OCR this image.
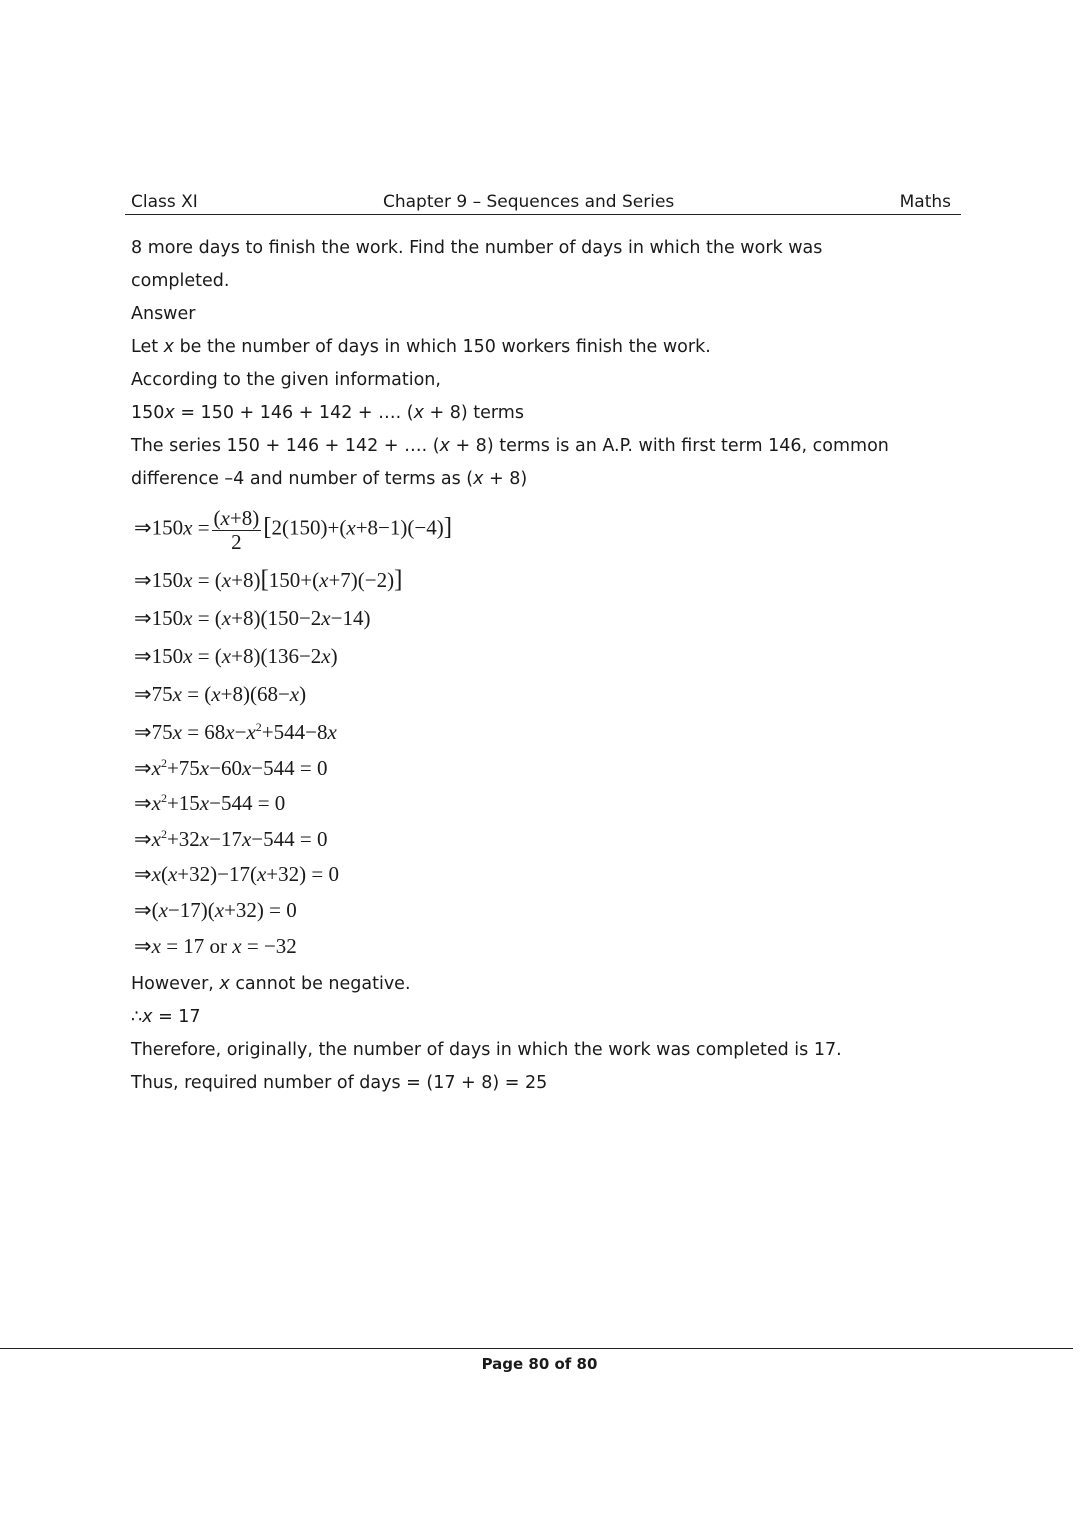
Class XI	Chapter 9 – Sequences and Series	Maths
8 more days to finish the work. Find the number of days in which the work was
completed.
Answer
Let x be the number of days in which 150 workers finish the work.
According to the given information,
150x = 150 + 146 + 142 + …. (x + 8) terms
The series 150 + 146 + 142 + …. (x + 8) terms is an A.P. with first term 146, common
difference –4 and number of terms as (x + 8)
⇒150x = $\frac{(x+8)}{2} [2(150)+(x+8-1)(-4)]$
⇒150x = (x+8)[150+(x+7)(−2)]
⇒150x = (x+8)(150−2x−14)
⇒150x = (x+8)(136−2x)
⇒75x = (x+8)(68−x)
⇒75x = $68x-x^2+544-8x$
$\Rightarrow x^2+75x-60x-544 = 0$
$\Rightarrow x^2+15x-544 = 0$
$\Rightarrow x^2+32x-17x-544 = 0$
⇒x(x+32)−17(x+32) = 0
⇒(x−17)(x+32) = 0
⇒x = 17 or x = −32
However, x cannot be negative.
∴x = 17
Therefore, originally, the number of days in which the work was completed is 17.
Thus, required number of days = (17 + 8) = 25
Page 80 of 80
